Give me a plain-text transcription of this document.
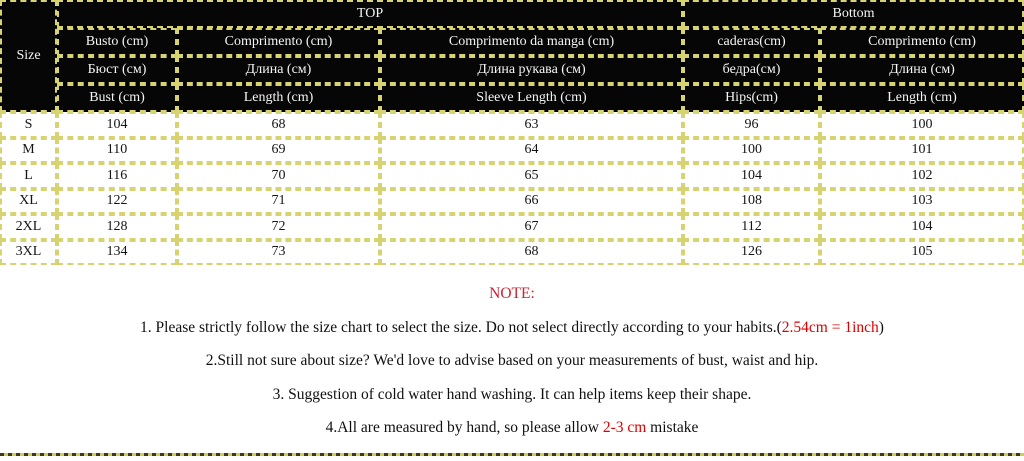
Size	TOP			Bottom	
	Busto (cm)	Comprimento (cm)	Comprimento da manga (cm)	caderas(cm)	Comprimento (cm)
	Бюст (см)	Длина (см)	Длина рукава (см)	бедра(см)	Длина (см)
	Bust (cm)	Length (cm)	Sleeve Length (cm)	Hips(cm)	Length (cm)
S	104	68	63	96	100
M	110	69	64	100	101
L	116	70	65	104	102
XL	122	71	66	108	103
2XL	128	72	67	112	104
3XL	134	73	68	126	105

NOTE:

1. Please strictly follow the size chart to select the size. Do not select directly according to your habits.(2.54cm = 1inch)

2.Still not sure about size? We'd love to advise based on your measurements of bust, waist and hip.

3. Suggestion of cold water hand washing. It can help items keep their shape.

4.All are measured by hand, so please allow 2-3 cm mistake
